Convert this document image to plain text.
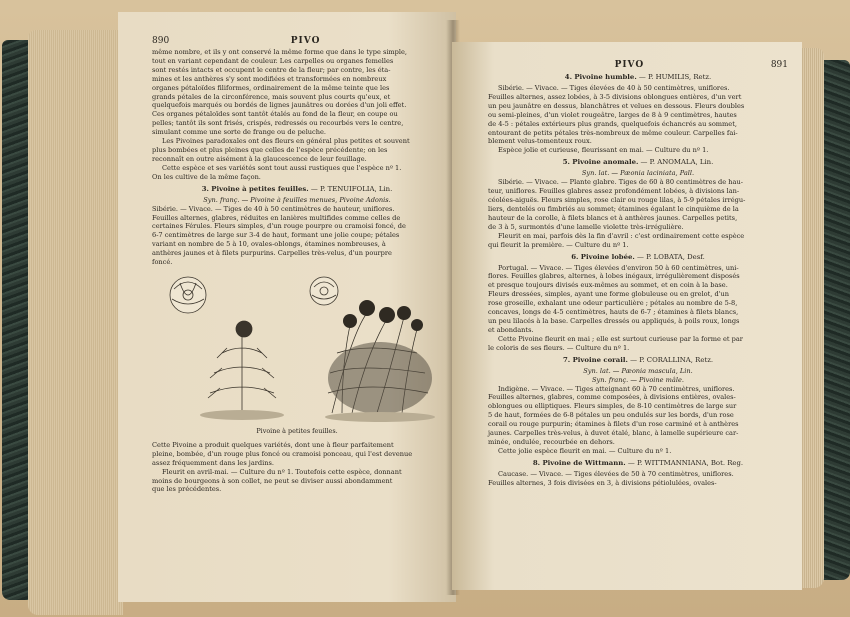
890	PIVO

même nombre, et ils y ont conservé la même forme que dans le type simple,

tout en variant cependant de couleur. Les carpelles ou organes femelles

sont restés intacts et occupent le centre de la fleur; par contre, les éta-

mines et les anthères s'y sont modifiées et transformées en nombreux

organes pétaloïdes filiformes, ordinairement de la même teinte que les

grands pétales de la circonférence, mais souvent plus courts qu'eux, et

quelquefois marqués ou bordés de lignes jaunâtres ou dorées d'un joli effet.

Ces organes pétaloïdes sont tantôt étalés au fond de la fleur, en coupe ou

pelles; tantôt ils sont frisés, crispés, redressés ou recourbés vers le centre,

simulant comme une sorte de frange ou de peluche.

Les Pivoines paradoxales ont des fleurs en général plus petites et souvent

plus bombées et plus pleines que celles de l'espèce précédente; on les

reconnaît en outre aisément à la glaucescence de leur feuillage.

Cette espèce et ses variétés sont tout aussi rustiques que l'espèce nº 1.

On les cultive de la même façon.

3. Pivoine à petites feuilles. — P. TENUIFOLIA, Lin.

Syn. franç. — Pivoine à feuilles menues, Pivoine Adonis.

Sibérie. — Vivace. — Tiges de 40 à 50 centimètres de hauteur, uniflores.

Feuilles alternes, glabres, réduites en lanières multifides comme celles de

certaines Férules. Fleurs simples, d'un rouge pourpre ou cramoisi foncé, de

6-7 centimètres de large sur 3-4 de haut, formant une jolie coupe; pétales

variant en nombre de 5 à 10, ovales-oblongs, étamines nombreuses, à

anthères jaunes et à filets purpurins. Carpelles très-velus, d'un pourpre

foncé.

Pivoine à petites feuilles.

Cette Pivoine a produit quelques variétés, dont une à fleur parfaitement

pleine, bombée, d'un rouge plus foncé ou cramoisi ponceau, qui l'est devenue

assez fréquemment dans les jardins.

Fleurit en avril-mai. — Culture du nº 1. Toutefois cette espèce, donnant

moins de bourgeons à son collet, ne peut se diviser aussi abondamment

que les précédentes.

PIVO	891

4. Pivoine humble. — P. HUMILIS, Retz.

Sibérie. — Vivace. — Tiges élevées de 40 à 50 centimètres, uniflores.

Feuilles alternes, assez lobées, à 3-5 divisions oblongues entières, d'un vert

un peu jaunâtre en dessus, blanchâtres et velues en dessous. Fleurs doubles

ou semi-pleines, d'un violet rougeâtre, larges de 8 à 9 centimètres, hautes

de 4-5 : pétales extérieurs plus grands, quelquefois échancrés au sommet,

entourant de petits pétales très-nombreux de même couleur. Carpelles fai-

blement velus-tomenteux roux.

Espèce jolie et curieuse, fleurissant en mai. — Culture du nº 1.

5. Pivoine anomale. — P. ANOMALA, Lin.

Syn. lat. — Pæonia laciniata, Pall.

Sibérie. — Vivace. — Plante glabre. Tiges de 60 à 80 centimètres de hau-

teur, uniflores. Feuilles glabres assez profondément lobées, à divisions lan-

céolées-aiguës. Fleurs simples, rose clair ou rouge lilas, à 5-9 pétales irrégu-

liers, dentelés ou fimbriés au sommet; étamines égalant le cinquième de la

hauteur de la corolle, à filets blancs et à anthères jaunes. Carpelles petits,

de 3 à 5, surmontés d'une lamelle violette très-irrégulière.

Fleurit en mai, parfois dès la fin d'avril : c'est ordinairement cette espèce

qui fleurit la première. — Culture du nº 1.

6. Pivoine lobée. — P. LOBATA, Desf.

Portugal. — Vivace. — Tiges élevées d'environ 50 à 60 centimètres, uni-

flores. Feuilles glabres, alternes, à lobes inégaux, irrégulièrement disposés

et presque toujours divisés eux-mêmes au sommet, et en coin à la base.

Fleurs dressées, simples, ayant une forme globuleuse ou en grelot, d'un

rose groseille, exhalant une odeur particulière ; pétales au nombre de 5-8,

concaves, longs de 4-5 centimètres, hauts de 6-7 ; étamines à filets blancs,

un peu lilacés à la base. Carpelles dressés ou appliqués, à poils roux, longs

et abondants.

Cette Pivoine fleurit en mai ; elle est surtout curieuse par la forme et par

le coloris de ses fleurs. — Culture du nº 1.

7. Pivoine corail. — P. CORALLINA, Retz.

Syn. lat. — Pæonia mascula, Lin.

Syn. franç. — Pivoine mâle.

Indigène. — Vivace. — Tiges atteignant 60 à 70 centimètres, uniflores.

Feuilles alternes, glabres, comme composées, à divisions entières, ovales-

oblongues ou elliptiques. Fleurs simples, de 8-10 centimètres de large sur

5 de haut, formées de 6-8 pétales un peu ondulés sur les bords, d'un rose

corail ou rouge purpurin; étamines à filets d'un rose carminé et à anthères

jaunes. Carpelles très-velus, à duvet étalé, blanc, à lamelle supérieure car-

minée, ondulée, recourbée en dehors.

Cette jolie espèce fleurit en mai. — Culture du nº 1.

8. Pivoine de Wittmann. — P. WITTMANNIANA, Bot. Reg.

Caucase. — Vivace. — Tiges élevées de 50 à 70 centimètres, uniflores.

Feuilles alternes, 3 fois divisées en 3, à divisions pétiolulées, ovales-
